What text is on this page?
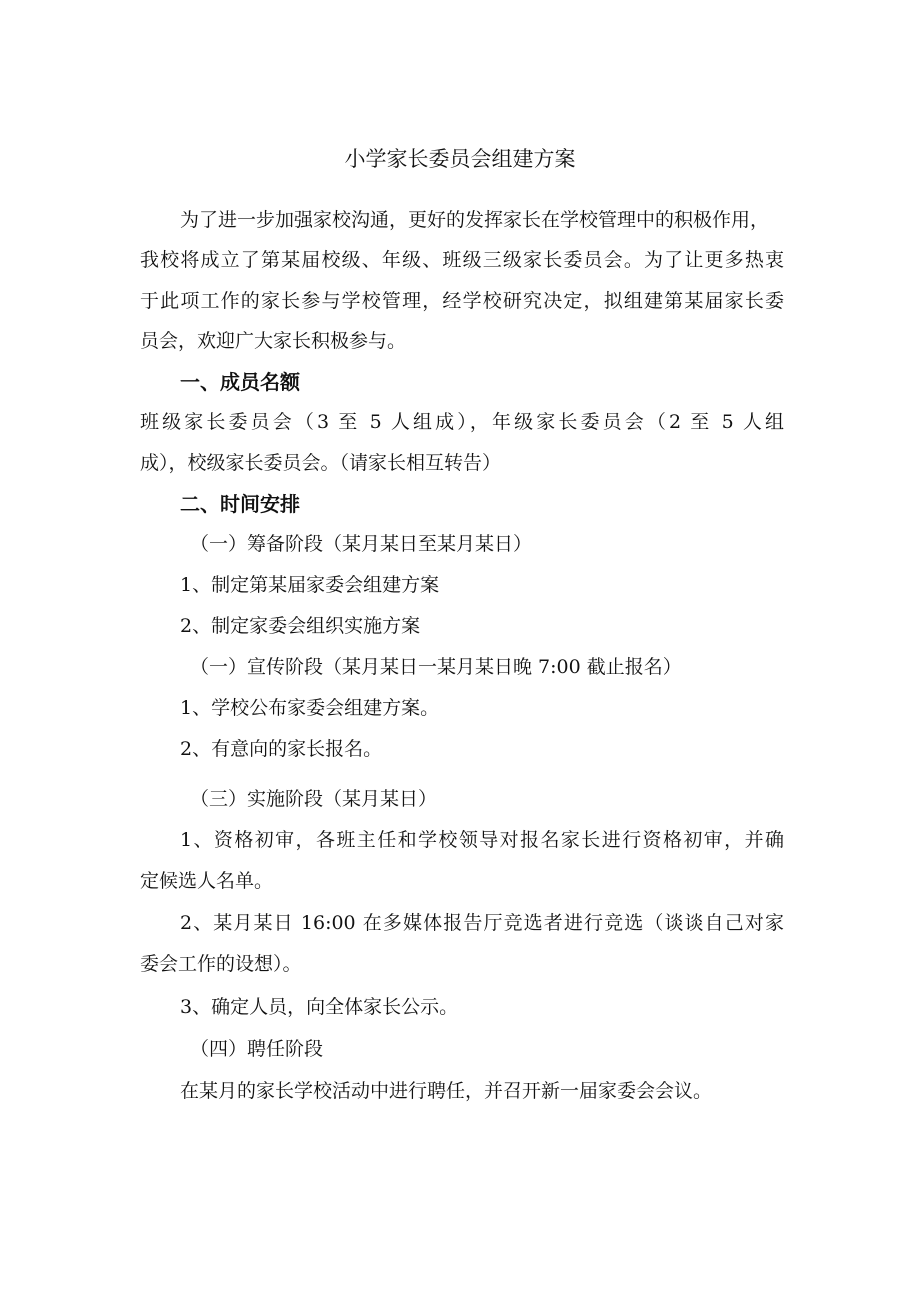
小学家长委员会组建方案

为了进一步加强家校沟通，更好的发挥家长在学校管理中的积极作用，

我校将成立了第某届校级、年级、班级三级家长委员会。为了让更多热衷

于此项工作的家长参与学校管理，经学校研究决定，拟组建第某届家长委

员会，欢迎广大家长积极参与。

一、成员名额

班级家长委员会（3 至 5 人组成），年级家长委员会（2 至 5 人组

成），校级家长委员会。（请家长相互转告）

二、时间安排

（一）筹备阶段（某月某日至某月某日）

1、制定第某届家委会组建方案

2、制定家委会组织实施方案

（一）宣传阶段（某月某日一某月某日晚 7:00 截止报名）

1、学校公布家委会组建方案。

2、有意向的家长报名。

（三）实施阶段（某月某日）

1、资格初审，各班主任和学校领导对报名家长进行资格初审，并确

定候选人名单。

2、某月某日 16:00 在多媒体报告厅竞选者进行竞选（谈谈自己对家

委会工作的设想）。

3、确定人员，向全体家长公示。

（四）聘任阶段

在某月的家长学校活动中进行聘任，并召开新一届家委会会议。
